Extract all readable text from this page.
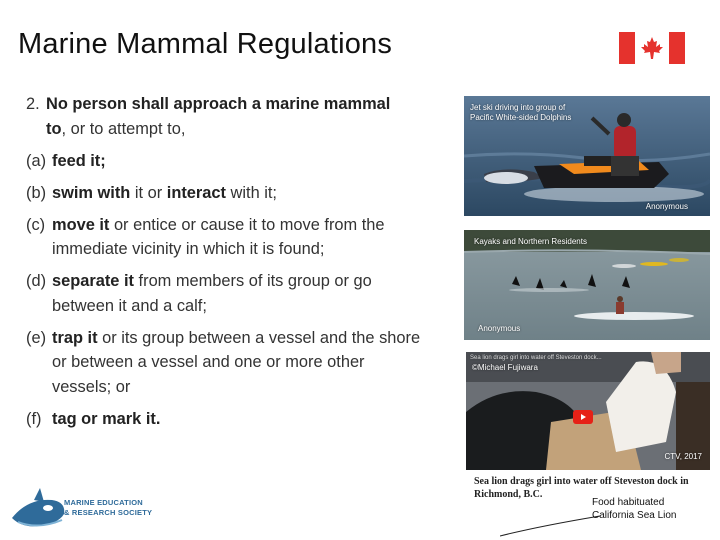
Marine Mammal Regulations
2. No person shall approach a marine mammal
to, or to attempt to,
(a) feed it;
(b) swim with it or interact with it;
(c) move it or entice or cause it to move from the immediate vicinity in which it is found;
(d) separate it from members of its group or go between it and a calf;
(e) trap it or its group between a vessel and the shore or between a vessel and one or more other vessels; or
(f) tag or mark it.
Jet ski driving into group of Pacific White-sided Dolphins
Anonymous
Kayaks and Northern Residents
Anonymous
Sea lion drags girl into water off Steveston dock...
©Michael Fujiwara
CTV, 2017
Sea lion drags girl into water off Steveston dock in Richmond, B.C.
Food habituated
California Sea Lion
MARINE EDUCATION
& RESEARCH SOCIETY
